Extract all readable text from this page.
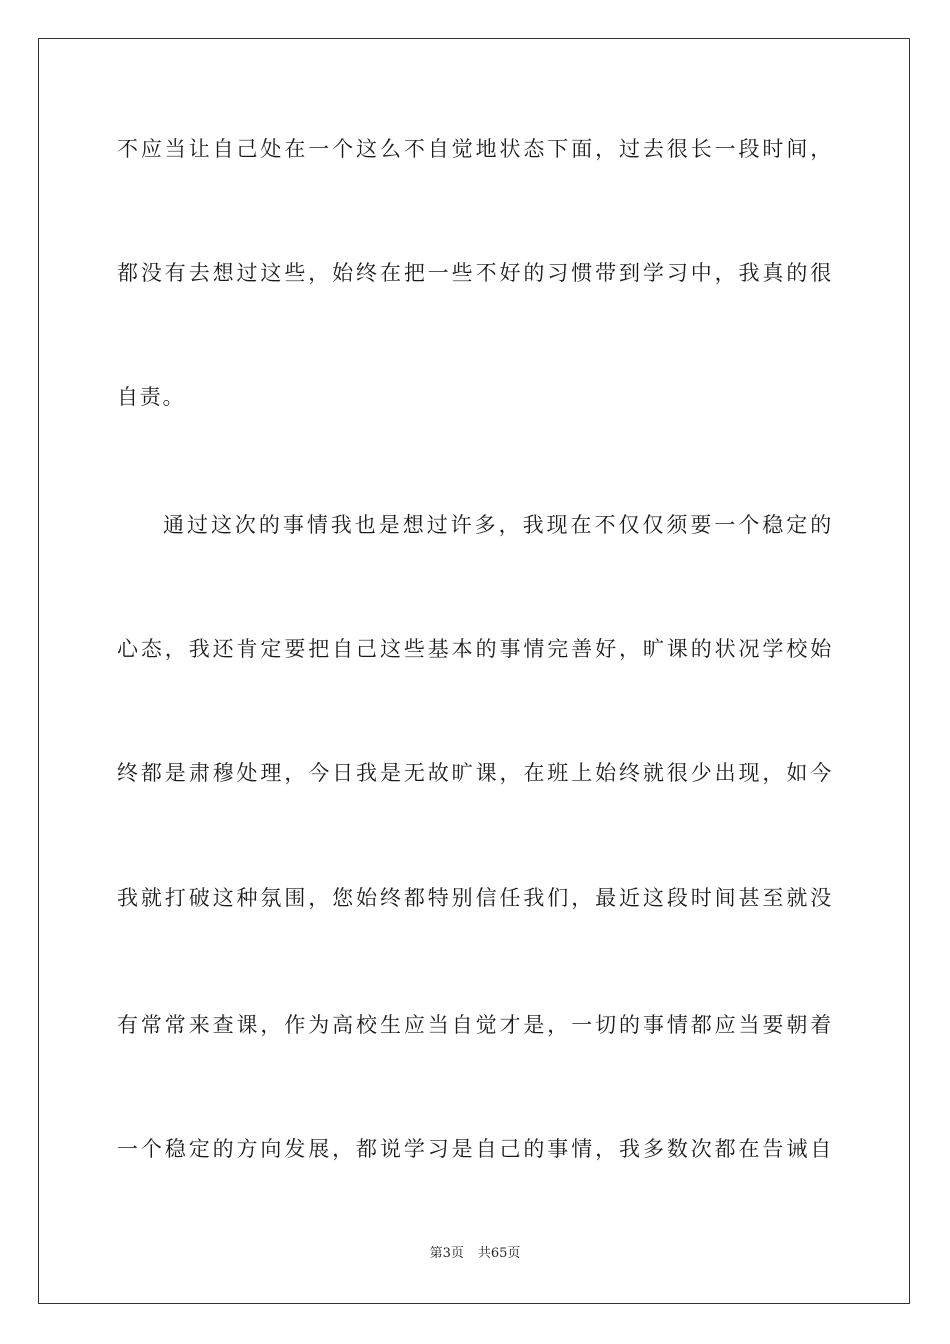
不应当让自己处在一个这么不自觉地状态下面，过去很长一段时间，
都没有去想过这些，始终在把一些不好的习惯带到学习中，我真的很
自责。
通过这次的事情我也是想过许多，我现在不仅仅须要一个稳定的
心态，我还肯定要把自己这些基本的事情完善好，旷课的状况学校始
终都是肃穆处理，今日我是无故旷课，在班上始终就很少出现，如今
我就打破这种氛围，您始终都特别信任我们，最近这段时间甚至就没
有常常来查课，作为高校生应当自觉才是，一切的事情都应当要朝着
一个稳定的方向发展，都说学习是自己的事情，我多数次都在告诫自
第3页 共65页
